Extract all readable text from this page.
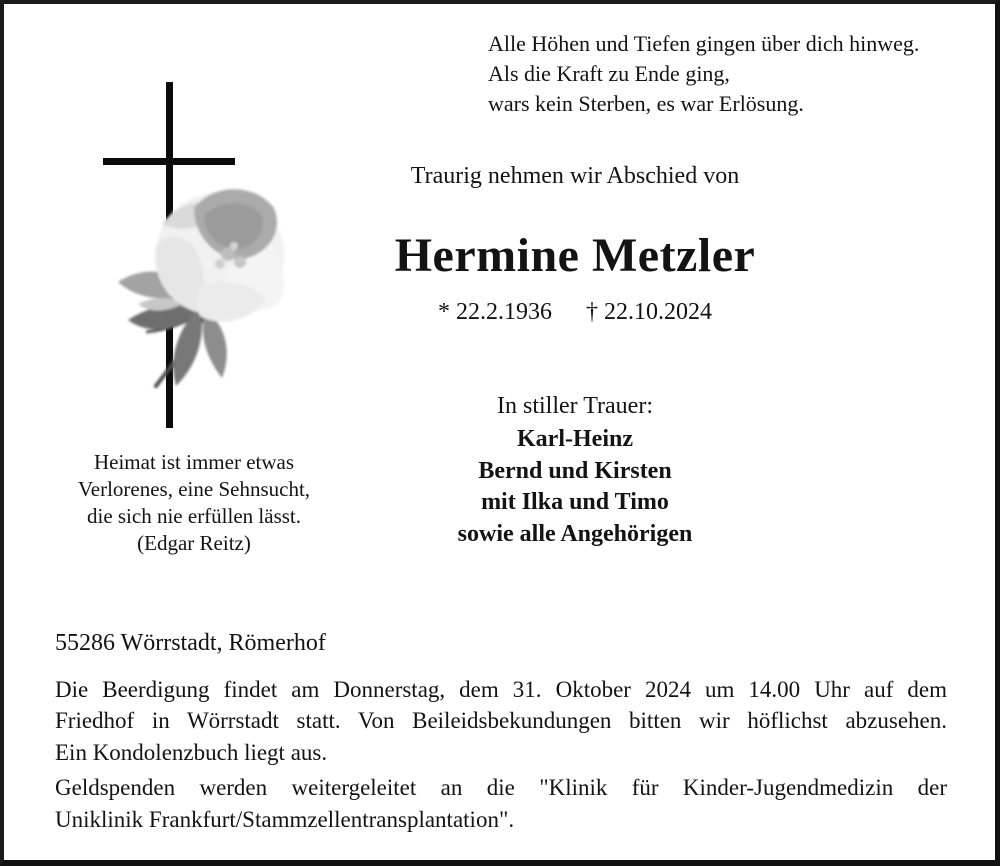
Alle Höhen und Tiefen gingen über dich hinweg.
Als die Kraft zu Ende ging,
wars kein Sterben, es war Erlösung.
Traurig nehmen wir Abschied von
Hermine Metzler
* 22.2.1936 † 22.10.2024
In stiller Trauer:
Karl-Heinz
Bernd und Kirsten
mit Ilka und Timo
sowie alle Angehörigen
Heimat ist immer etwas
Verlorenes, eine Sehnsucht,
die sich nie erfüllen lässt.
(Edgar Reitz)
55286 Wörrstadt, Römerhof
Die Beerdigung findet am Donnerstag, dem 31. Oktober 2024 um 14.00 Uhr auf dem
Friedhof in Wörrstadt statt. Von Beileidsbekundungen bitten wir höflichst abzusehen.
Ein Kondolenzbuch liegt aus.
Geldspenden werden weitergeleitet an die "Klinik für Kinder-Jugendmedizin der
Uniklinik Frankfurt/Stammzellentransplantation".
